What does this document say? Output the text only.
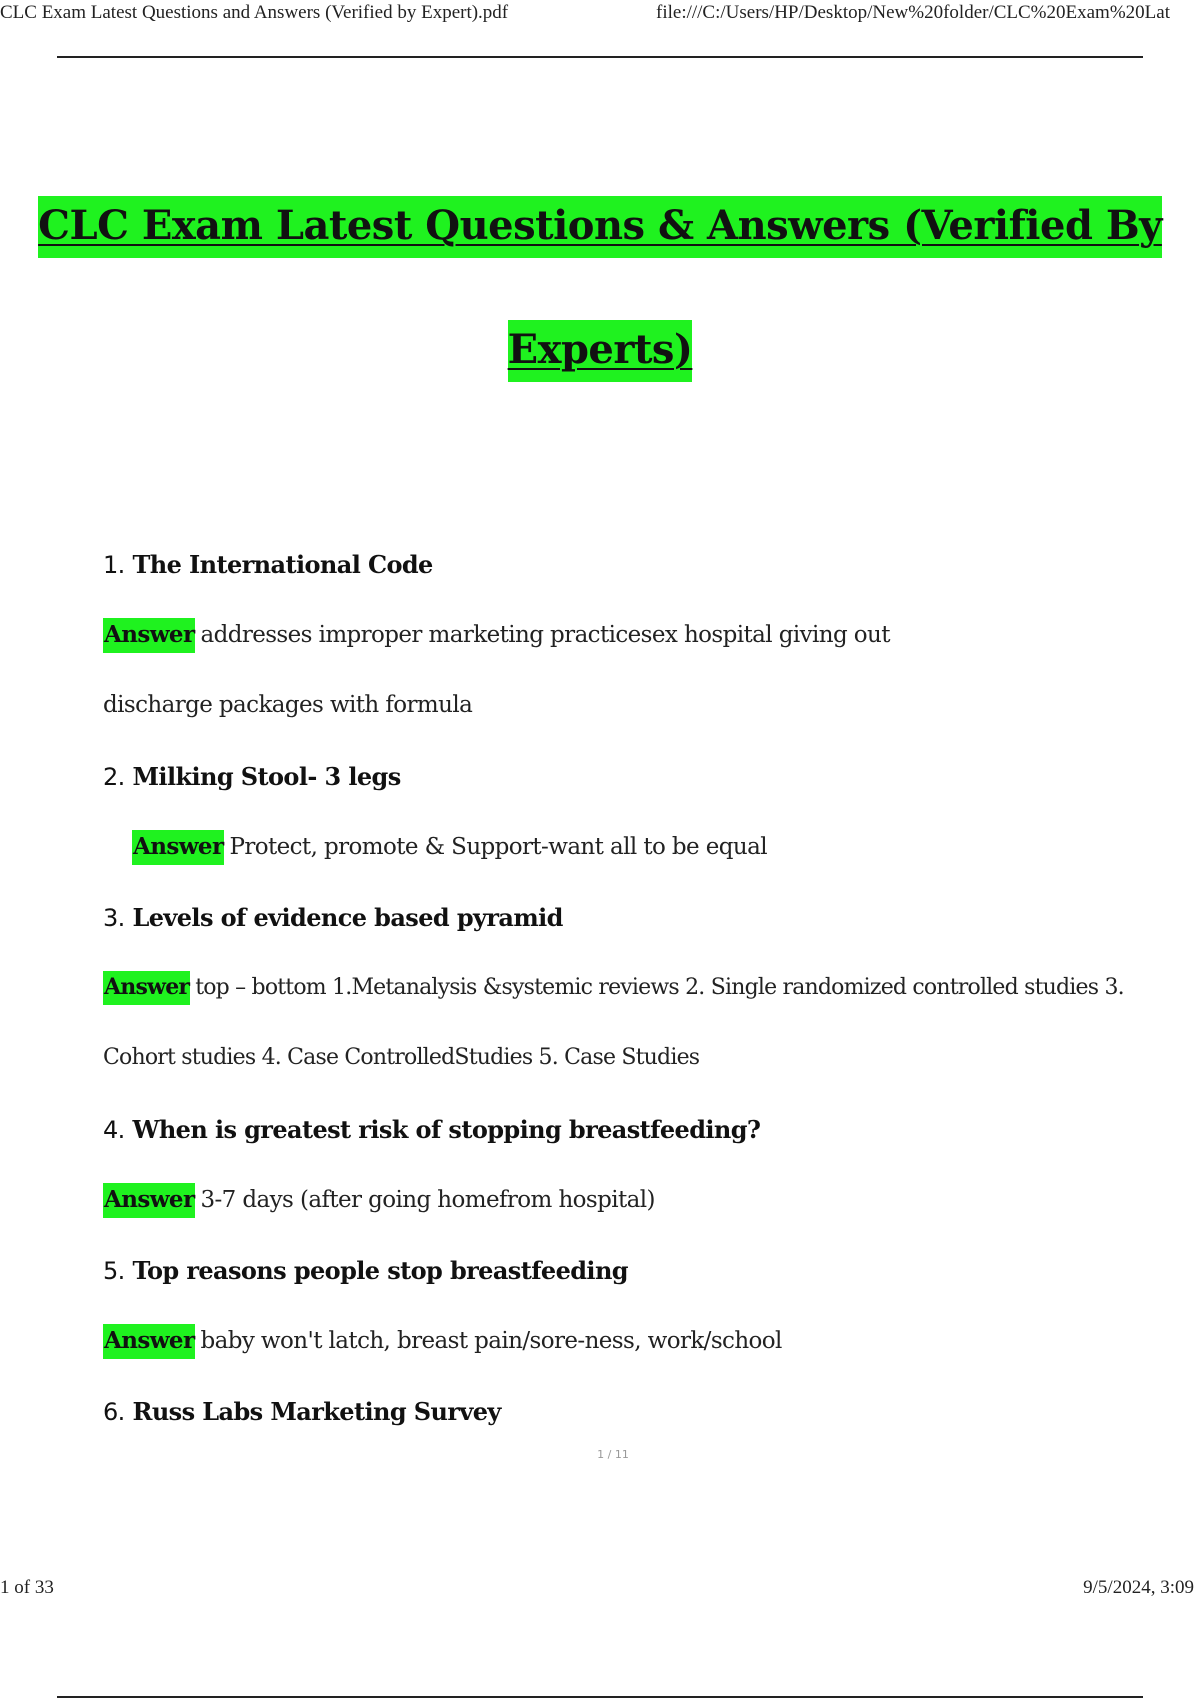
CLC Exam Latest Questions and Answers (Verified by Expert).pdf	file:///C:/Users/HP/Desktop/New%20folder/CLC%20Exam%20Lat
CLC Exam Latest Questions & Answers (Verified By
Experts)
1. The International Code
Answer addresses improper marketing practicesex hospital giving out
discharge packages with formula
2. Milking Stool- 3 legs
Answer Protect, promote & Support-want all to be equal
3. Levels of evidence based pyramid
Answer top – bottom 1.Metanalysis &systemic reviews 2. Single randomized controlled studies 3.
Cohort studies 4. Case ControlledStudies 5. Case Studies
4. When is greatest risk of stopping breastfeeding?
Answer 3-7 days (after going homefrom hospital)
5. Top reasons people stop breastfeeding
Answer baby won't latch, breast pain/sore-ness, work/school
6. Russ Labs Marketing Survey
1 / 11
1 of 33	9/5/2024, 3:09
